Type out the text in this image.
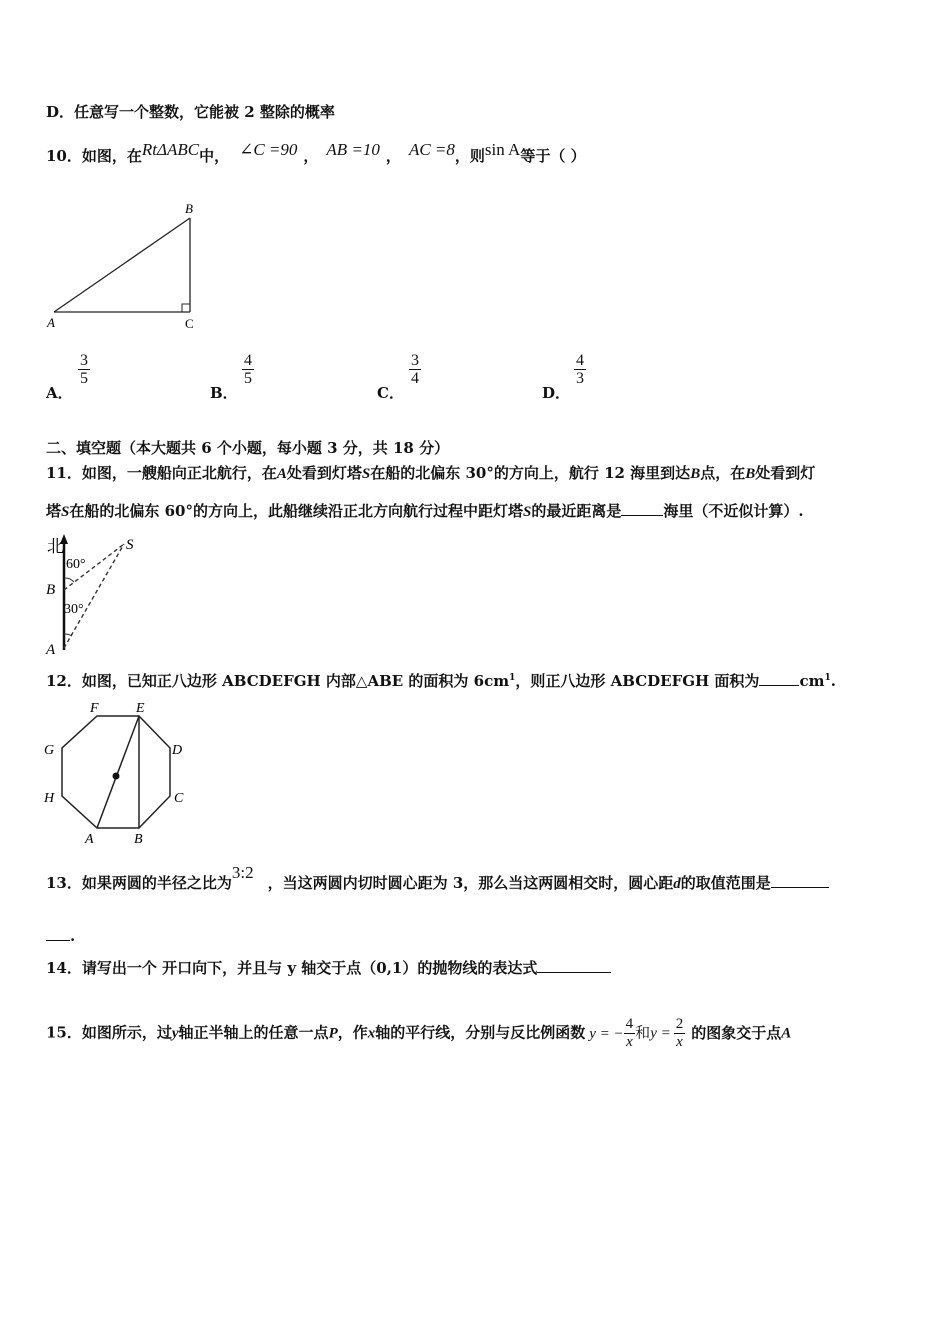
D．任意写一个整数，它能被 2 整除的概率
10．如图，在RtΔABC中， ∠C =90 ， AB =10 ， AC =8，则sin A等于（ ）
A
B
C
A．
$\frac{3}{5}$
B．
$\frac{4}{5}$
C．
$\frac{3}{4}$
D．
$\frac{4}{3}$
二、填空题（本大题共 6 个小题，每小题 3 分，共 18 分）
11．如图，一艘船向正北航行，在A处看到灯塔S在船的北偏东 30°的方向上，航行 12 海里到达B点，在B处看到灯
塔S在船的北偏东 60°的方向上，此船继续沿正北方向航行过程中距灯塔S的最近距离是	海里（不近似计算）.
北
60°
30°
S
B
A
12．如图，已知正八边形 ABCDEFGH 内部△ABE 的面积为 $6cm^1$，则正八边形 ABCDEFGH 面积为	$cm^1$.
F	E
D
C
B
A
H
G
13．如果两圆的半径之比为3:2，当这两圆内切时圆心距为 3，那么当这两圆相交时，圆心距d的取值范围是
.
14．请写出一个 开口向下，并且与 y 轴交于点（0,1）的抛物线的表达式
15．如图所示，过y轴正半轴上的任意一点P，作x轴的平行线，分别与反比例函数 y = − $\frac{4}{x}$ 和$y = \frac{2}{x}$ 的图象交于点A
